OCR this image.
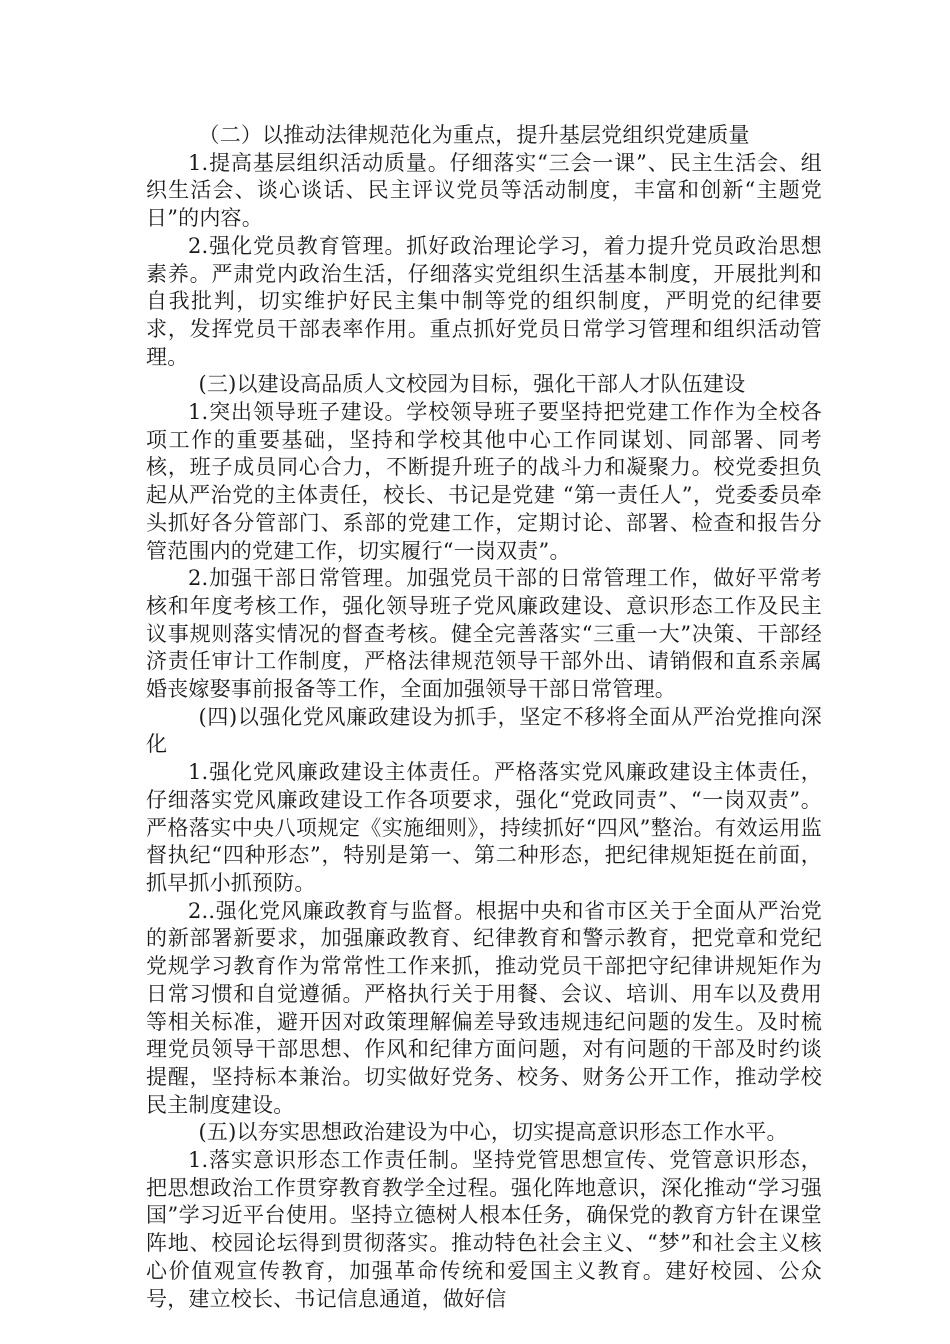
（二）以推动法律规范化为重点，提升基层党组织党建质量

1.提高基层组织活动质量。仔细落实“三会一课”、民主生活会、组织生活会、谈心谈话、民主评议党员等活动制度，丰富和创新“主题党日”的内容。

2.强化党员教育管理。抓好政治理论学习，着力提升党员政治思想素养。严肃党内政治生活，仔细落实党组织生活基本制度，开展批判和自我批判，切实维护好民主集中制等党的组织制度，严明党的纪律要求，发挥党员干部表率作用。重点抓好党员日常学习管理和组织活动管理。

(三)以建设高品质人文校园为目标，强化干部人才队伍建设

1.突出领导班子建设。学校领导班子要坚持把党建工作作为全校各项工作的重要基础，坚持和学校其他中心工作同谋划、同部署、同考核，班子成员同心合力，不断提升班子的战斗力和凝聚力。校党委担负起从严治党的主体责任，校长、书记是党建 “第一责任人”，党委委员牵头抓好各分管部门、系部的党建工作，定期讨论、部署、检查和报告分管范围内的党建工作，切实履行“一岗双责”。

2.加强干部日常管理。加强党员干部的日常管理工作，做好平常考核和年度考核工作，强化领导班子党风廉政建设、意识形态工作及民主议事规则落实情况的督查考核。健全完善落实“三重一大”决策、干部经济责任审计工作制度，严格法律规范领导干部外出、请销假和直系亲属婚丧嫁娶事前报备等工作，全面加强领导干部日常管理。

(四)以强化党风廉政建设为抓手，坚定不移将全面从严治党推向深化

1.强化党风廉政建设主体责任。严格落实党风廉政建设主体责任，仔细落实党风廉政建设工作各项要求，强化“党政同责”、“一岗双责”。严格落实中央八项规定《实施细则》，持续抓好“四风”整治。有效运用监督执纪“四种形态”，特别是第一、第二种形态，把纪律规矩挺在前面，抓早抓小抓预防。

2..强化党风廉政教育与监督。根据中央和省市区关于全面从严治党的新部署新要求，加强廉政教育、纪律教育和警示教育，把党章和党纪党规学习教育作为常常性工作来抓，推动党员干部把守纪律讲规矩作为日常习惯和自觉遵循。严格执行关于用餐、会议、培训、用车以及费用等相关标准，避开因对政策理解偏差导致违规违纪问题的发生。及时梳理党员领导干部思想、作风和纪律方面问题，对有问题的干部及时约谈提醒，坚持标本兼治。切实做好党务、校务、财务公开工作，推动学校民主制度建设。

(五)以夯实思想政治建设为中心，切实提高意识形态工作水平。

1.落实意识形态工作责任制。坚持党管思想宣传、党管意识形态，把思想政治工作贯穿教育教学全过程。强化阵地意识，深化推动“学习强国”学习近平台使用。坚持立德树人根本任务，确保党的教育方针在课堂阵地、校园论坛得到贯彻落实。推动特色社会主义、“梦”和社会主义核心价值观宣传教育，加强革命传统和爱国主义教育。建好校园、公众号，建立校长、书记信息通道，做好信
